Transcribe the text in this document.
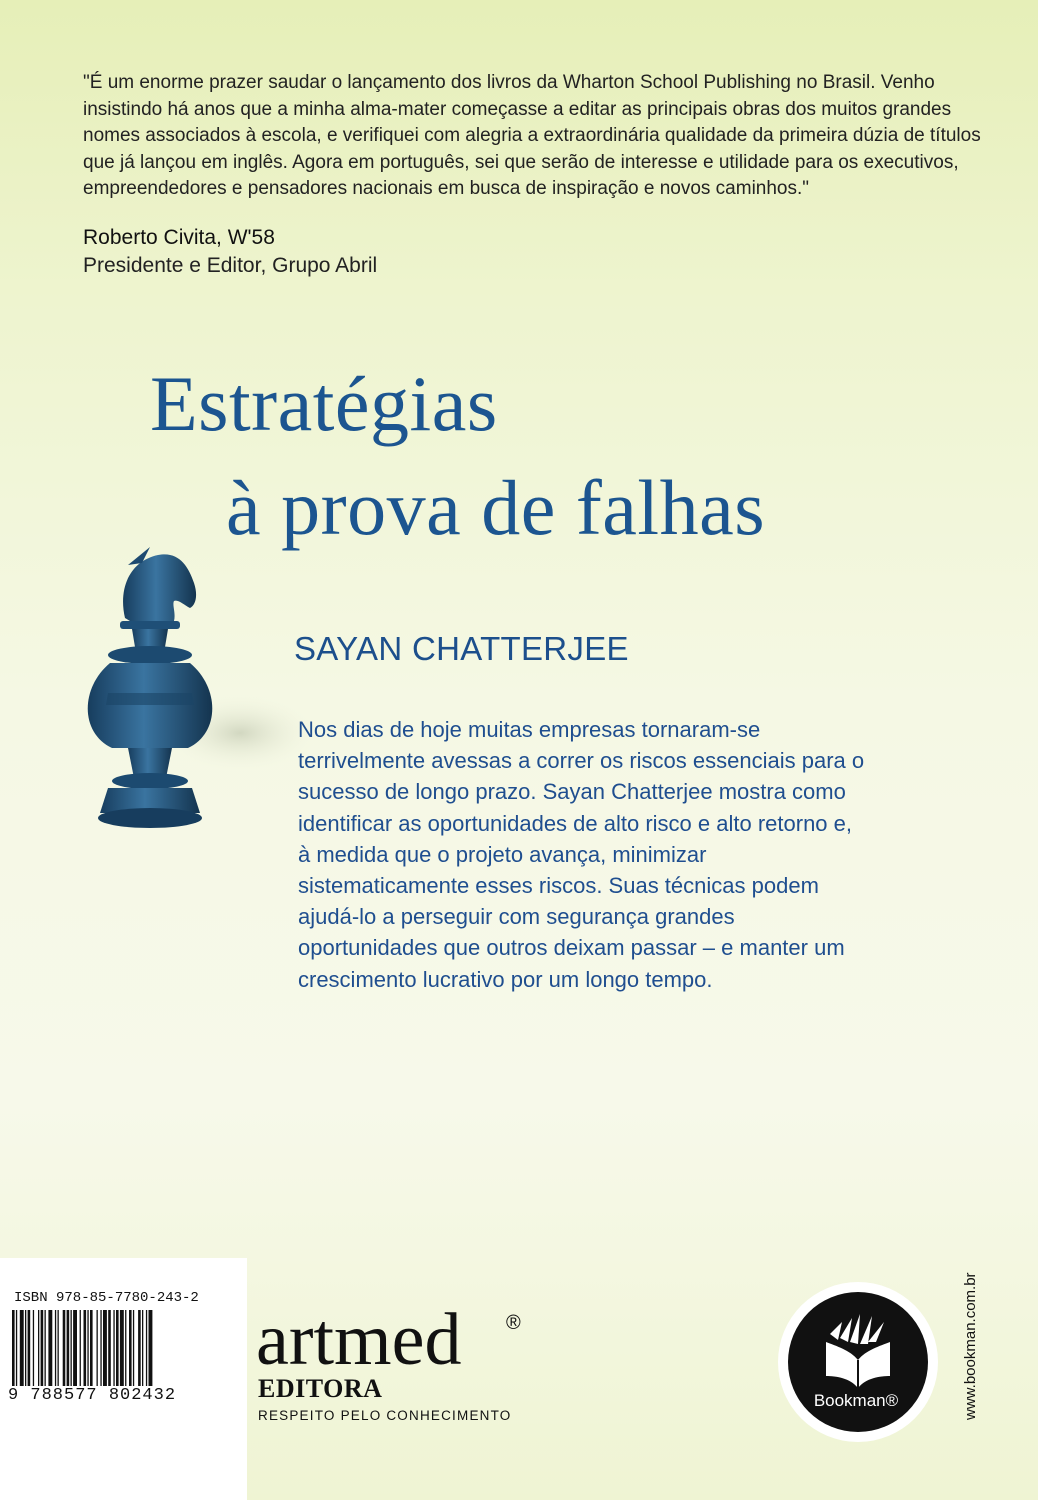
"É um enorme prazer saudar o lançamento dos livros da Wharton School Publishing no Brasil. Venho insistindo há anos que a minha alma-mater começasse a editar as principais obras dos muitos grandes nomes associados à escola, e verifiquei com alegria a extraordinária qualidade da primeira dúzia de títulos que já lançou em inglês. Agora em português, sei que serão de interesse e utilidade para os executivos, empreendedores e pensadores nacionais em busca de inspiração e novos caminhos."
Roberto Civita, W'58
Presidente e Editor, Grupo Abril
Estratégias
à prova de falhas
SAYAN CHATTERJEE
Nos dias de hoje muitas empresas tornaram-se terrivelmente avessas a correr os riscos essenciais para o sucesso de longo prazo. Sayan Chatterjee mostra como identificar as oportunidades de alto risco e alto retorno e, à medida que o projeto avança, minimizar sistematicamente esses riscos. Suas técnicas podem ajudá-lo a perseguir com segurança grandes oportunidades que outros deixam passar – e manter um crescimento lucrativo por um longo tempo.
ISBN 978-85-7780-243-2
9 788577 802432
artmed ®
EDITORA
RESPEITO PELO CONHECIMENTO
Bookman®	www.bookman.com.br
